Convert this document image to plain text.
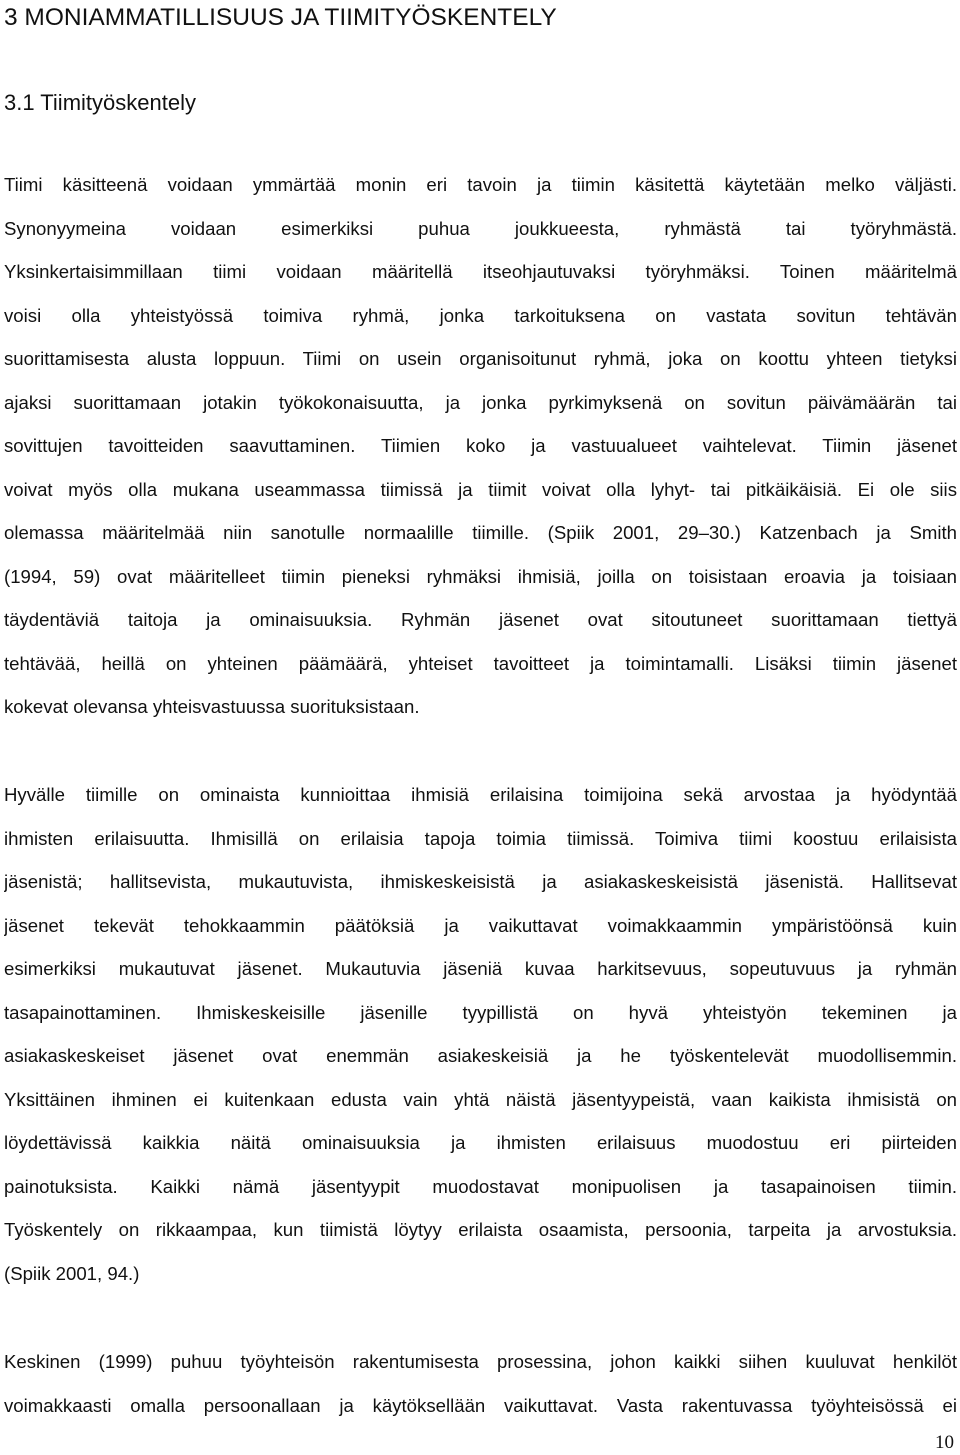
3 MONIAMMATILLISUUS JA TIIMITYÖSKENTELY
3.1 Tiimityöskentely
Tiimi käsitteenä voidaan ymmärtää monin eri tavoin ja tiimin käsitettä käytetään melko väljästi.
Synonyymeina voidaan esimerkiksi puhua joukkueesta, ryhmästä tai työryhmästä.
Yksinkertaisimmillaan tiimi voidaan määritellä itseohjautuvaksi työryhmäksi. Toinen määritelmä
voisi olla yhteistyössä toimiva ryhmä, jonka tarkoituksena on vastata sovitun tehtävän
suorittamisesta alusta loppuun. Tiimi on usein organisoitunut ryhmä, joka on koottu yhteen tietyksi
ajaksi suorittamaan jotakin työkokonaisuutta, ja jonka pyrkimyksenä on sovitun päivämäärän tai
sovittujen tavoitteiden saavuttaminen. Tiimien koko ja vastuualueet vaihtelevat. Tiimin jäsenet
voivat myös olla mukana useammassa tiimissä ja tiimit voivat olla lyhyt- tai pitkäikäisiä. Ei ole siis
olemassa määritelmää niin sanotulle normaalille tiimille. (Spiik 2001, 29–30.) Katzenbach ja Smith
(1994, 59) ovat määritelleet tiimin pieneksi ryhmäksi ihmisiä, joilla on toisistaan eroavia ja toisiaan
täydentäviä taitoja ja ominaisuuksia. Ryhmän jäsenet ovat sitoutuneet suorittamaan tiettyä
tehtävää, heillä on yhteinen päämäärä, yhteiset tavoitteet ja toimintamalli. Lisäksi tiimin jäsenet
kokevat olevansa yhteisvastuussa suorituksistaan.
Hyvälle tiimille on ominaista kunnioittaa ihmisiä erilaisina toimijoina sekä arvostaa ja hyödyntää
ihmisten erilaisuutta. Ihmisillä on erilaisia tapoja toimia tiimissä. Toimiva tiimi koostuu erilaisista
jäsenistä; hallitsevista, mukautuvista, ihmiskeskeisistä ja asiakaskeskeisistä jäsenistä. Hallitsevat
jäsenet tekevät tehokkaammin päätöksiä ja vaikuttavat voimakkaammin ympäristöönsä kuin
esimerkiksi mukautuvat jäsenet. Mukautuvia jäseniä kuvaa harkitsevuus, sopeutuvuus ja ryhmän
tasapainottaminen. Ihmiskeskeisille jäsenille tyypillistä on hyvä yhteistyön tekeminen ja
asiakaskeskeiset jäsenet ovat enemmän asiakeskeisiä ja he työskentelevät muodollisemmin.
Yksittäinen ihminen ei kuitenkaan edusta vain yhtä näistä jäsentyypeistä, vaan kaikista ihmisistä on
löydettävissä kaikkia näitä ominaisuuksia ja ihmisten erilaisuus muodostuu eri piirteiden
painotuksista. Kaikki nämä jäsentyypit muodostavat monipuolisen ja tasapainoisen tiimin.
Työskentely on rikkaampaa, kun tiimistä löytyy erilaista osaamista, persoonia, tarpeita ja arvostuksia.
(Spiik 2001, 94.)
Keskinen (1999) puhuu työyhteisön rakentumisesta prosessina, johon kaikki siihen kuuluvat henkilöt
voimakkaasti omalla persoonallaan ja käytöksellään vaikuttavat. Vasta rakentuvassa työyhteisössä ei
10
